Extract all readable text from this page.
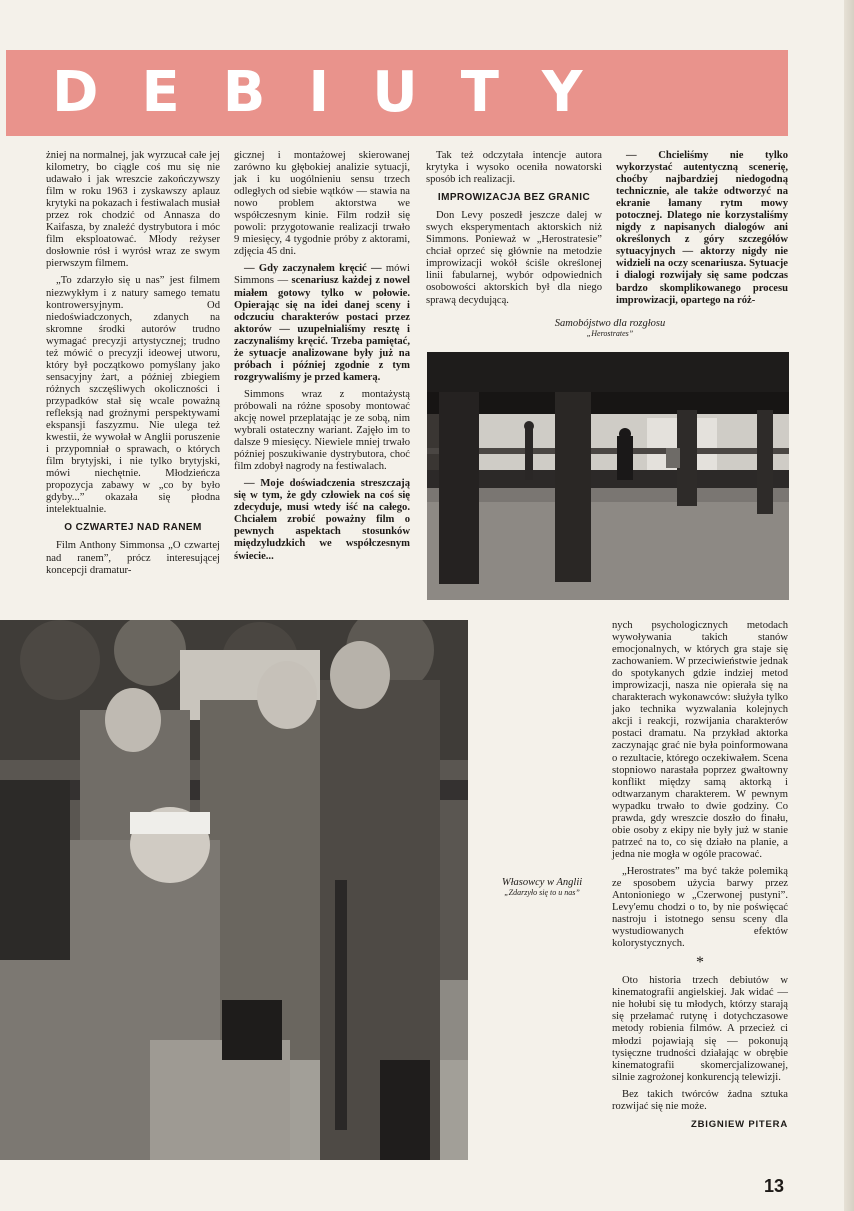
DEBIUTY

żniej na normalnej, jak wyrzucał całe jej kilometry, bo ciągle coś mu się nie udawało i jak wreszcie zakończywszy film w roku 1963 i zyskawszy aplauz krytyki na pokazach i festiwalach musiał przez rok chodzić od Annasza do Kaifasza, by znaleźć dystrybutora i móc film eksploatować. Młody reżyser dosłownie rósł i wyrósł wraz ze swym pierwszym filmem.

„To zdarzyło się u nas” jest filmem niezwykłym i z natury samego tematu kontrowersyjnym. Od niedoświadczonych, zdanych na skromne środki autorów trudno wymagać precyzji artystycznej; trudno też mówić o precyzji ideowej utworu, który był początkowo pomyślany jako sensacyjny żart, a później zbiegiem różnych szczęśliwych okoliczności i przypadków stał się wcale poważną refleksją nad groźnymi perspektywami ekspansji faszyzmu. Nie ulega też kwestii, że wywołał w Anglii poruszenie i przypomniał o sprawach, o których film brytyjski, i nie tylko brytyjski, mówi niechętnie. Młodzieńcza propozycja zabawy w „co by było gdyby...” okazała się płodna intelektualnie.

O CZWARTEJ NAD RANEM

Film Anthony Simmonsa „O czwartej nad ranem”, prócz interesującej koncepcji dramatur-

gicznej i montażowej skierowanej zarówno ku głębokiej analizie sytuacji, jak i ku uogólnieniu sensu trzech odległych od siebie wątków — stawia na nowo problem aktorstwa we współczesnym kinie. Film rodził się powoli: przygotowanie realizacji trwało 9 miesięcy, 4 tygodnie próby z aktorami, zdjęcia 45 dni.

— Gdy zaczynałem kręcić — mówi Simmons — scenariusz każdej z nowel miałem gotowy tylko w połowie. Opierając się na idei danej sceny i odczuciu charakterów postaci przez aktorów — uzupełnialiśmy resztę i zaczynaliśmy kręcić. Trzeba pamiętać, że sytuacje analizowane były już na próbach i później zgodnie z tym rozgrywaliśmy je przed kamerą.

Simmons wraz z montażystą próbowali na różne sposoby montować akcję nowel przeplatając je ze sobą, nim wybrali ostateczny wariant. Zajęło im to dalsze 9 miesięcy. Niewiele mniej trwało później poszukiwanie dystrybutora, choć film zdobył nagrody na festiwalach.

— Moje doświadczenia streszczają się w tym, że gdy człowiek na coś się zdecyduje, musi wtedy iść na całego. Chciałem zrobić poważny film o pewnych aspektach stosunków międzyludzkich we współczesnym świecie...

Tak też odczytała intencje autora krytyka i wysoko oceniła nowatorski sposób ich realizacji.

IMPROWIZACJA BEZ GRANIC

Don Levy poszedł jeszcze dalej w swych eksperymentach aktorskich niż Simmons. Ponieważ w „Herostratesie” chciał oprzeć się głównie na metodzie improwizacji wokół ściśle określonej linii fabularnej, wybór odpowiednich osobowości aktorskich był dla niego sprawą decydującą.

— Chcieliśmy nie tylko wykorzystać autentyczną scenerię, choćby najbardziej niedogodną technicznie, ale także odtworzyć na ekranie łamany rytm mowy potocznej. Dlatego nie korzystaliśmy nigdy z napisanych dialogów ani określonych z góry szczegółów sytuacyjnych — aktorzy nigdy nie widzieli na oczy scenariusza. Sytuacje i dialogi rozwijały się same podczas bardzo skomplikowanego procesu improwizacji, opartego na róż-

Samobójstwo dla rozgłosu
„Herostrates”
Własowcy w Anglii
„Zdarzyło się to u nas”

nych psychologicznych metodach wywoływania takich stanów emocjonalnych, w których gra staje się zachowaniem. W przeciwieństwie jednak do spotykanych gdzie indziej metod improwizacji, nasza nie opierała się na charakterach wykonawców: służyła tylko jako technika wyzwalania kolejnych akcji i reakcji, rozwijania charakterów postaci dramatu. Na przykład aktorka zaczynając grać nie była poinformowana o rezultacie, którego oczekiwałem. Scena stopniowo narastała poprzez gwałtowny konflikt między samą aktorką i odtwarzanym charakterem. W pewnym wypadku trwało to dwie godziny. Co prawda, gdy wreszcie doszło do finału, obie osoby z ekipy nie były już w stanie patrzeć na to, co się działo na planie, a jedna nie mogła w ogóle pracować.

„Herostrates” ma być także polemiką ze sposobem użycia barwy przez Antonioniego w „Czerwonej pustyni”. Levy'emu chodzi o to, by nie poświęcać nastroju i istotnego sensu sceny dla wystudiowanych efektów kolorystycznych.

*

Oto historia trzech debiutów w kinematografii angielskiej. Jak widać — nie hołubi się tu młodych, którzy starają się przełamać rutynę i dotychczasowe metody robienia filmów. A przecież ci młodzi pojawiają się — pokonują tysięczne trudności działając w obrębie kinematografii skomercjalizowanej, silnie zagrożonej konkurencją telewizji.

Bez takich twórców żadna sztuka rozwijać się nie może.

ZBIGNIEW PITERA
13
